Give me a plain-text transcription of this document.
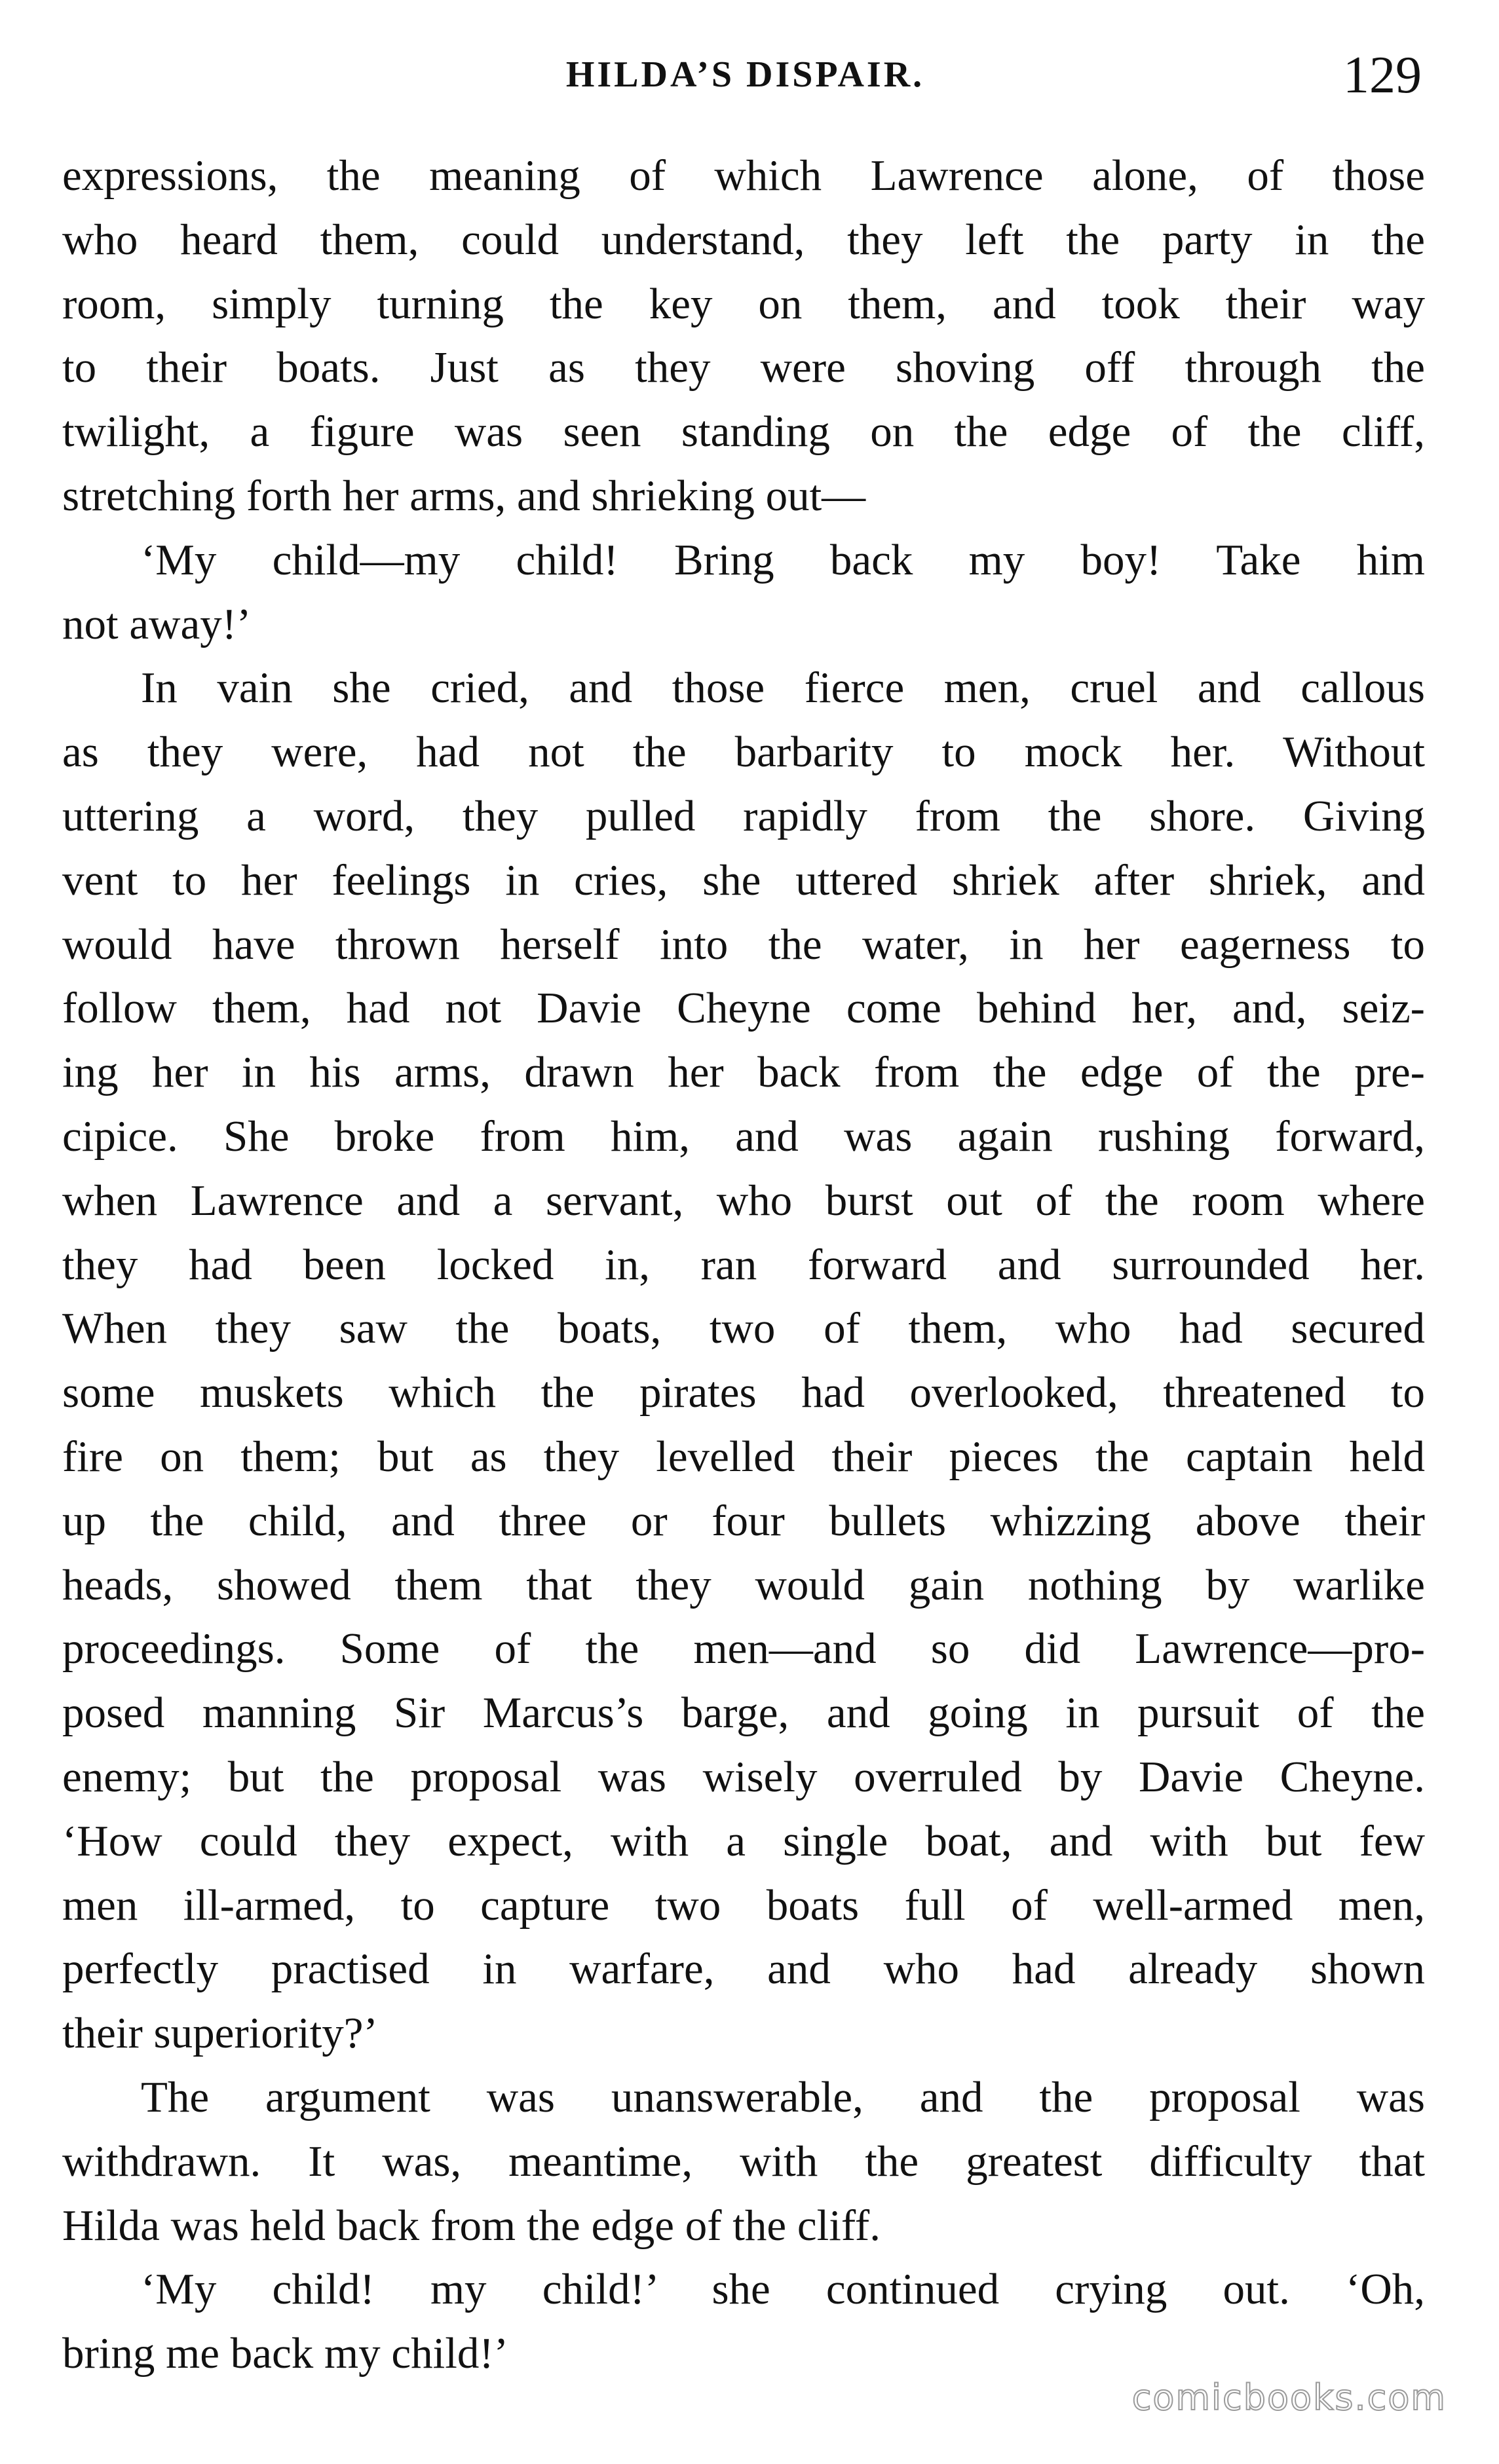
HILDA’S DISPAIR.	129
expressions, the meaning of which Lawrence alone, of those
who heard them, could understand, they left the party in the
room, simply turning the key on them, and took their way
to their boats. Just as they were shoving off through the
twilight, a figure was seen standing on the edge of the cliff,
stretching forth her arms, and shrieking out—
‘My child—my child! Bring back my boy! Take him
not away!’
In vain she cried, and those fierce men, cruel and callous
as they were, had not the barbarity to mock her. Without
uttering a word, they pulled rapidly from the shore. Giving
vent to her feelings in cries, she uttered shriek after shriek, and
would have thrown herself into the water, in her eagerness to
follow them, had not Davie Cheyne come behind her, and, seiz-
ing her in his arms, drawn her back from the edge of the pre-
cipice. She broke from him, and was again rushing forward,
when Lawrence and a servant, who burst out of the room where
they had been locked in, ran forward and surrounded her.
When they saw the boats, two of them, who had secured
some muskets which the pirates had overlooked, threatened to
fire on them; but as they levelled their pieces the captain held
up the child, and three or four bullets whizzing above their
heads, showed them that they would gain nothing by warlike
proceedings. Some of the men—and so did Lawrence—pro-
posed manning Sir Marcus’s barge, and going in pursuit of the
enemy; but the proposal was wisely overruled by Davie Cheyne.
‘How could they expect, with a single boat, and with but few
men ill-armed, to capture two boats full of well-armed men,
perfectly practised in warfare, and who had already shown
their superiority?’
The argument was unanswerable, and the proposal was
withdrawn. It was, meantime, with the greatest difficulty that
Hilda was held back from the edge of the cliff.
‘My child! my child!’ she continued crying out. ‘Oh,
bring me back my child!’
comicbooks.com
